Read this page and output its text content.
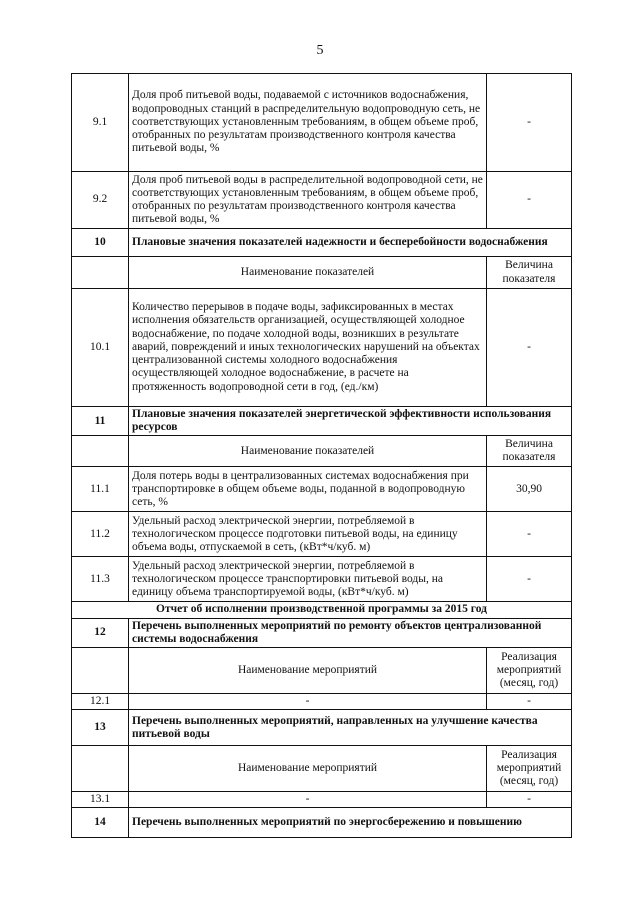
5
9.1	Доля проб питьевой воды, подаваемой с источников водоснабжения, водопроводных станций в распределительную водопроводную сеть, не соответствующих установленным требованиям, в общем объеме проб, отобранных по результатам производственного контроля качества питьевой воды, %	-
9.2	Доля проб питьевой воды в распределительной водопроводной сети, не соответствующих установленным требованиям, в общем объеме проб, отобранных по результатам производственного контроля качества питьевой воды, %	-
10	Плановые значения показателей надежности и бесперебойности водоснабжения	
	Наименование показателей	Величина показателя
10.1	Количество перерывов в подаче воды, зафиксированных в местах исполнения обязательств организацией, осуществляющей холодное водоснабжение, по подаче холодной воды, возникших в результате аварий, повреждений и иных технологических нарушений на объектах централизованной системы холодного водоснабжения осуществляющей холодное водоснабжение, в расчете на протяженность водопроводной сети в год, (ед./км)	-
11	Плановые значения показателей энергетической эффективности использования ресурсов	
	Наименование показателей	Величина показателя
11.1	Доля потерь воды в централизованных системах водоснабжения при транспортировке в общем объеме воды, поданной в водопроводную сеть, %	30,90
11.2	Удельный расход электрической энергии, потребляемой в технологическом процессе подготовки питьевой воды, на единицу объема воды, отпускаемой в сеть, (кВт*ч/куб. м)	-
11.3	Удельный расход электрической энергии, потребляемой в технологическом процессе транспортировки питьевой воды, на единицу объема транспортируемой воды, (кВт*ч/куб. м)	-
Отчет об исполнении производственной программы за 2015 год		
12	Перечень выполненных мероприятий по ремонту объектов централизованной системы водоснабжения	
	Наименование мероприятий	Реализация мероприятий (месяц, год)
12.1	-	-
13	Перечень выполненных мероприятий, направленных на улучшение качества питьевой воды	
	Наименование мероприятий	Реализация мероприятий (месяц, год)
13.1	-	-
14	Перечень выполненных мероприятий по энергосбережению и повышению	
